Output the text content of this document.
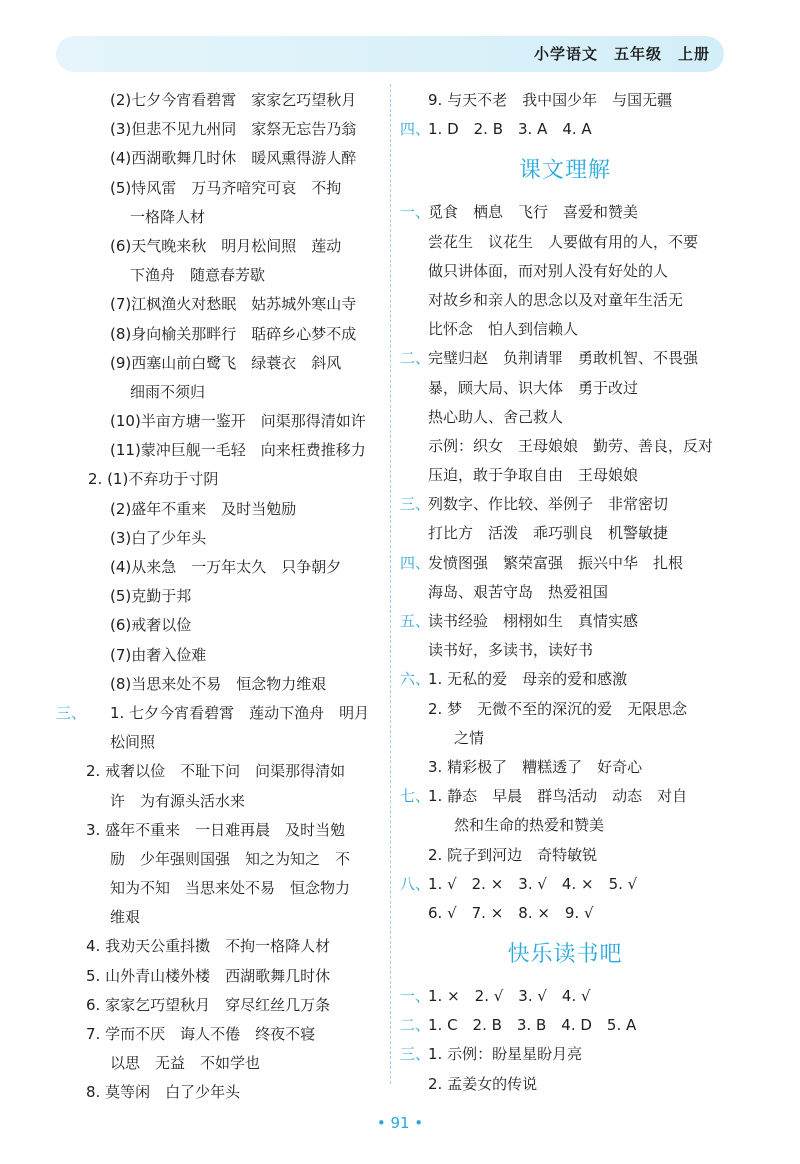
小学语文　五年级　上册
(2)七夕今宵看碧霄　家家乞巧望秋月
(3)但悲不见九州同　家祭无忘告乃翁
(4)西湖歌舞几时休　暖风熏得游人醉
(5)恃风雷　万马齐喑究可哀　不拘
一格降人材
(6)天气晚来秋　明月松间照　莲动
下渔舟　随意春芳歇
(7)江枫渔火对愁眠　姑苏城外寒山寺
(8)身向榆关那畔行　聒碎乡心梦不成
(9)西塞山前白鹭飞　绿蓑衣　斜风
细雨不须归
(10)半亩方塘一鉴开　问渠那得清如许
(11)蒙冲巨舰一毛轻　向来枉费推移力
2. (1)不弃功于寸阴
(2)盛年不重来　及时当勉励
(3)白了少年头
(4)从来急　一万年太久　只争朝夕
(5)克勤于邦
(6)戒奢以俭
(7)由奢入俭难
(8)当思来处不易　恒念物力维艰
三、 1. 七夕今宵看碧霄　莲动下渔舟　明月
松间照
2. 戒奢以俭　不耻下问　问渠那得清如
许　为有源头活水来
3. 盛年不重来　一日难再晨　及时当勉
励　少年强则国强　知之为知之　不
知为不知　当思来处不易　恒念物力
维艰
4. 我劝天公重抖擞　不拘一格降人材
5. 山外青山楼外楼　西湖歌舞几时休
6. 家家乞巧望秋月　穿尽红丝几万条
7. 学而不厌　诲人不倦　终夜不寝
以思　无益　不如学也
8. 莫等闲　白了少年头
9. 与天不老　我中国少年　与国无疆
四、
1. D　2. B　3. A　4. A
课文理解
一、
觅食　栖息　飞行　喜爱和赞美
尝花生　议花生　人要做有用的人，不要
做只讲体面，而对别人没有好处的人
对故乡和亲人的思念以及对童年生活无
比怀念　怕人到信赖人
二、
完璧归赵　负荆请罪　勇敢机智、不畏强
暴，顾大局、识大体　勇于改过
热心助人、舍己救人
示例：织女　王母娘娘　勤劳、善良，反对
压迫，敢于争取自由　王母娘娘
三、
列数字、作比较、举例子　非常密切
打比方　活泼　乖巧驯良　机警敏捷
四、
发愤图强　繁荣富强　振兴中华　扎根
海岛、艰苦守岛　热爱祖国
五、
读书经验　栩栩如生　真情实感
读书好，多读书，读好书
六、
1. 无私的爱　母亲的爱和感激
2. 梦　无微不至的深沉的爱　无限思念
之情
3. 精彩极了　糟糕透了　好奇心
七、
1. 静态　早晨　群鸟活动　动态　对自
然和生命的热爱和赞美
2. 院子到河边　奇特敏锐
八、
1. √　2. ×　3. √　4. ×　5. √
6. √　7. ×　8. ×　9. √
快乐读书吧
一、
1. ×　2. √　3. √　4. √
二、
1. C　2. B　3. B　4. D　5. A
三、
1. 示例：盼星星盼月亮
2. 孟姜女的传说
• 91 •
